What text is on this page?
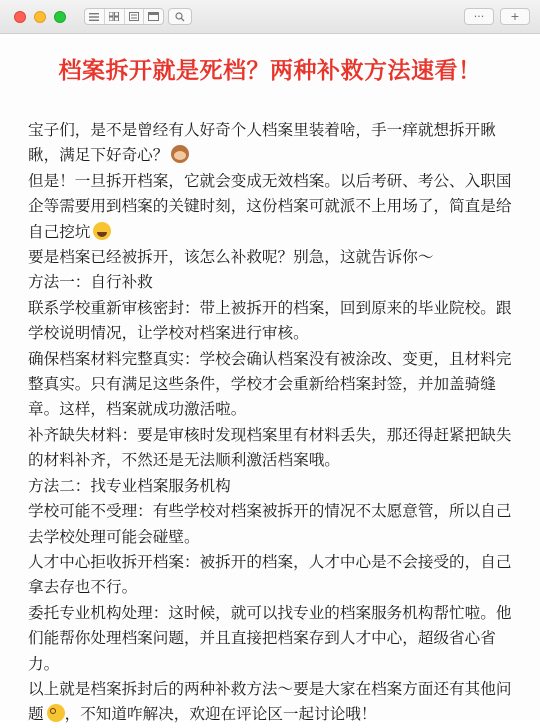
···	+
档案拆开就是死档？两种补救方法速看！

宝子们，是不是曾经有人好奇个人档案里装着啥，手一痒就想拆开瞅瞅，满足下好奇心？

但是！一旦拆开档案，它就会变成无效档案。以后考研、考公、入职国企等需要用到档案的关键时刻，这份档案可就派不上用场了，简直是给自己挖坑

要是档案已经被拆开，该怎么补救呢？别急，这就告诉你～

方法一：自行补救

联系学校重新审核密封：带上被拆开的档案，回到原来的毕业院校。跟学校说明情况，让学校对档案进行审核。

确保档案材料完整真实：学校会确认档案没有被涂改、变更，且材料完整真实。只有满足这些条件，学校才会重新给档案封签，并加盖骑缝章。这样，档案就成功激活啦。

补齐缺失材料：要是审核时发现档案里有材料丢失，那还得赶紧把缺失的材料补齐，不然还是无法顺利激活档案哦。

方法二：找专业档案服务机构

学校可能不受理：有些学校对档案被拆开的情况不太愿意管，所以自己去学校处理可能会碰壁。

人才中心拒收拆开档案：被拆开的档案，人才中心是不会接受的，自己拿去存也不行。

委托专业机构处理：这时候，就可以找专业的档案服务机构帮忙啦。他们能帮你处理档案问题，并且直接把档案存到人才中心，超级省心省力。

以上就是档案拆封后的两种补救方法～要是大家在档案方面还有其他问题 ，不知道咋解决，欢迎在评论区一起讨论哦！
